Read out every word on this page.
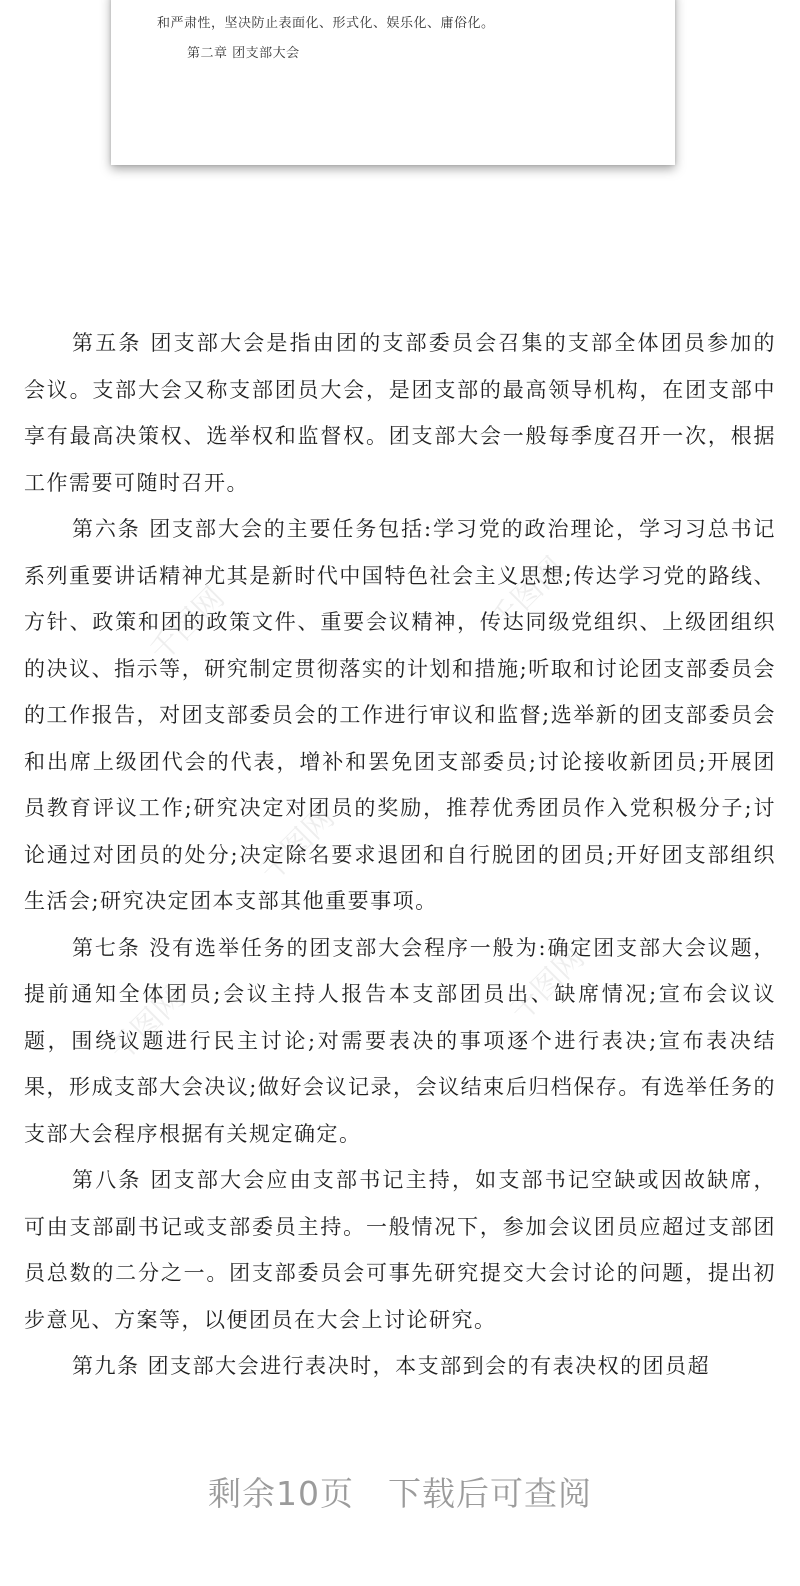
和严肃性，坚决防止表面化、形式化、娱乐化、庸俗化。
第二章 团支部大会
千图网	千图网
千图网
千图网	千图网

第五条 团支部大会是指由团的支部委员会召集的支部全体团员参加的会议。支部大会又称支部团员大会，是团支部的最高领导机构，在团支部中享有最高决策权、选举权和监督权。团支部大会一般每季度召开一次，根据工作需要可随时召开。

第六条 团支部大会的主要任务包括:学习党的政治理论，学习习总书记系列重要讲话精神尤其是新时代中国特色社会主义思想;传达学习党的路线、方针、政策和团的政策文件、重要会议精神，传达同级党组织、上级团组织的决议、指示等，研究制定贯彻落实的计划和措施;听取和讨论团支部委员会的工作报告，对团支部委员会的工作进行审议和监督;选举新的团支部委员会和出席上级团代会的代表，增补和罢免团支部委员;讨论接收新团员;开展团员教育评议工作;研究决定对团员的奖励，推荐优秀团员作入党积极分子;讨论通过对团员的处分;决定除名要求退团和自行脱团的团员;开好团支部组织生活会;研究决定团本支部其他重要事项。

第七条 没有选举任务的团支部大会程序一般为:确定团支部大会议题，提前通知全体团员;会议主持人报告本支部团员出、缺席情况;宣布会议议题，围绕议题进行民主讨论;对需要表决的事项逐个进行表决;宣布表决结果，形成支部大会决议;做好会议记录，会议结束后归档保存。有选举任务的支部大会程序根据有关规定确定。

第八条 团支部大会应由支部书记主持，如支部书记空缺或因故缺席，可由支部副书记或支部委员主持。一般情况下，参加会议团员应超过支部团员总数的二分之一。团支部委员会可事先研究提交大会讨论的问题，提出初步意见、方案等，以便团员在大会上讨论研究。

第九条 团支部大会进行表决时，本支部到会的有表决权的团员超

剩余10页 下载后可查阅
